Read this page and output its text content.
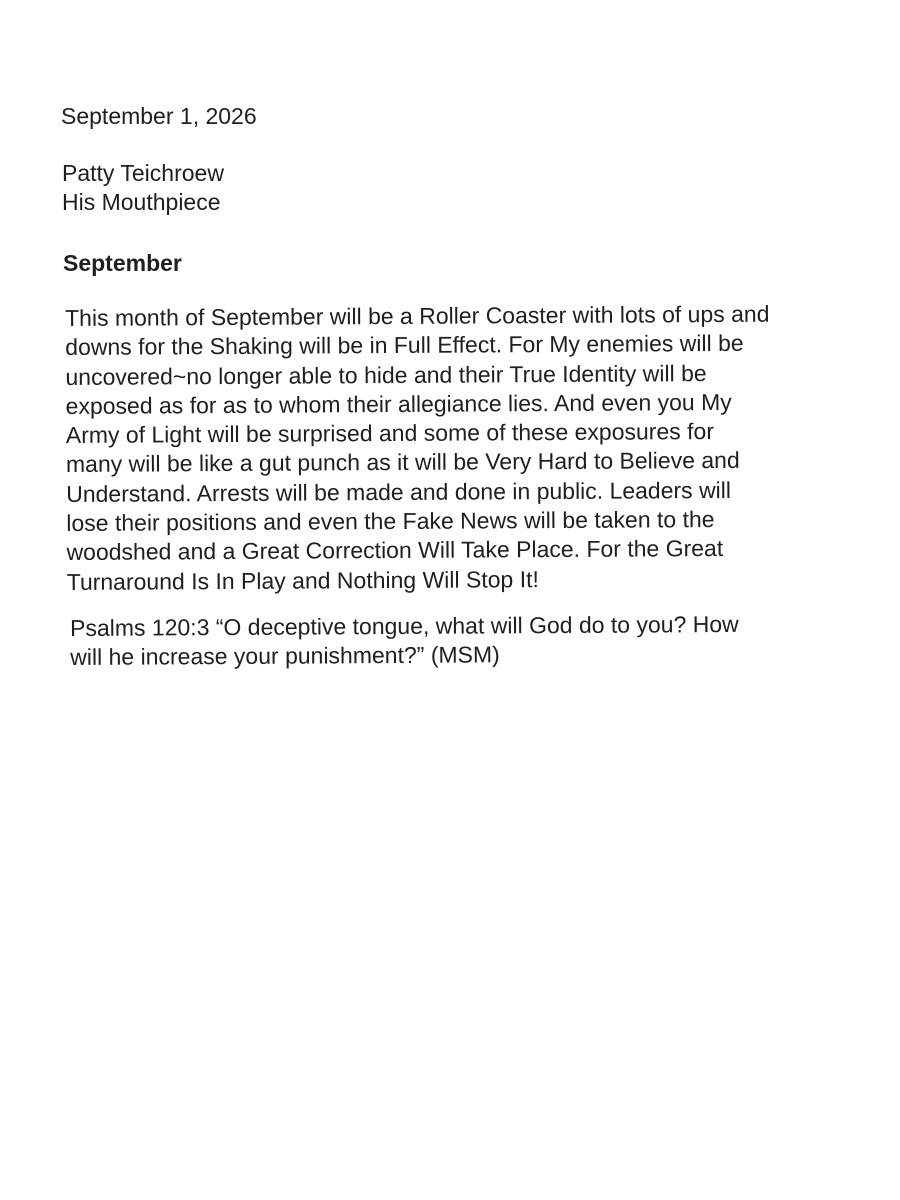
September 1, 2026

Patty Teichroew
His Mouthpiece
September
This month of September will be a Roller Coaster with lots of ups and
downs for the Shaking will be in Full Effect. For My enemies will be
uncovered~no longer able to hide and their True Identity will be
exposed as for as to whom their allegiance lies. And even you My
Army of Light will be surprised and some of these exposures for
many will be like a gut punch as it will be Very Hard to Believe and
Understand. Arrests will be made and done in public. Leaders will
lose their positions and even the Fake News will be taken to the
woodshed and a Great Correction Will Take Place. For the Great
Turnaround Is In Play and Nothing Will Stop It!
Psalms 120:3 “O deceptive tongue, what will God do to you? How
will he increase your punishment?” (MSM)
